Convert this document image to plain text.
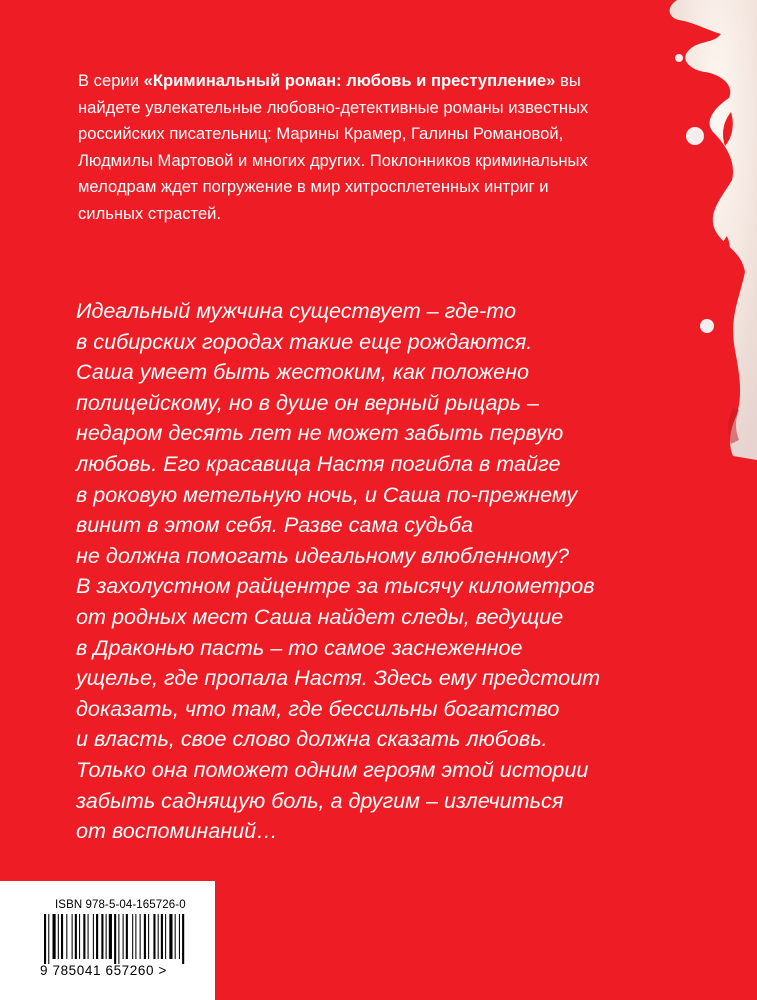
В серии «Криминальный роман: любовь и преступление» вы найдете увлекательные любовно-детективные романы известных российских писательниц: Марины Крамер, Галины Романовой, Людмилы Мартовой и многих других. Поклонников криминальных мелодрам ждет погружение в мир хитросплетенных интриг и сильных страстей.

Идеальный мужчина существует – где-то
в сибирских городах такие еще рождаются.
Саша умеет быть жестоким, как положено
полицейскому, но в душе он верный рыцарь –
недаром десять лет не может забыть первую
любовь. Его красавица Настя погибла в тайге
в роковую метельную ночь, и Саша по-прежнему
винит в этом себя. Разве сама судьба
не должна помогать идеальному влюбленному?
В захолустном райцентре за тысячу километров
от родных мест Саша найдет следы, ведущие
в Драконью пасть – то самое заснеженное
ущелье, где пропала Настя. Здесь ему предстоит
доказать, что там, где бессильны богатство
и власть, свое слово должна сказать любовь.
Только она поможет одним героям этой истории
забыть саднящую боль, а другим – излечиться
от воспоминаний…

ISBN 978-5-04-165726-0
9 785041 657260 >
